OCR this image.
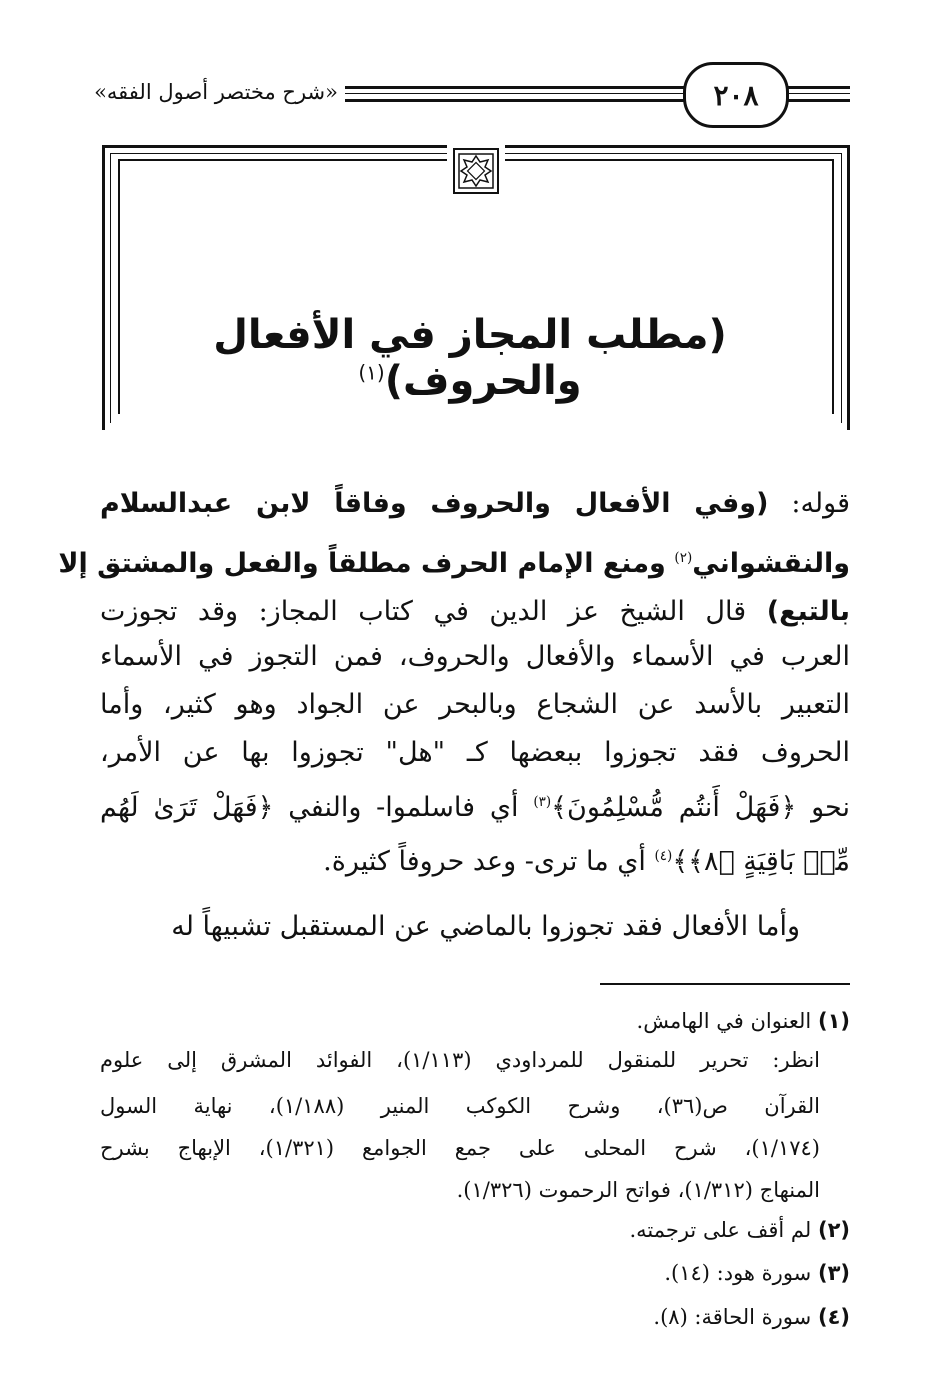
«شرح مختصر أصول الفقه»	٢٠٨
(مطلب المجاز في الأفعال والحروف)$^{(١)}$
قوله: (وفي الأفعال والحروف وفاقاً لابن عبدالسلام
والنقشواني$^{(٢)}$ ومنع الإمام الحرف مطلقاً والفعل والمشتق إلا
بالتبع) قال الشيخ عز الدين في كتاب المجاز: وقد تجوزت
العرب في الأسماء والأفعال والحروف، فمن التجوز في الأسماء
التعبير بالأسد عن الشجاع وبالبحر عن الجواد وهو كثير، وأما
الحروف فقد تجوزوا ببعضها كـ "هل" تجوزوا بها عن الأمر،
نحو ﴿فَهَلْ أَنتُم مُّسْلِمُونَ﴾$^{(٣)}$ أي فاسلموا- والنفي ﴿فَهَلْ تَرَىٰ لَهُم
مِّنۢ بَاقِيَةٍ ﴿٨﴾﴾$^{(٤)}$ أي ما ترى- وعد حروفاً كثيرة.
وأما الأفعال فقد تجوزوا بالماضي عن المستقبل تشبيهاً له
(١) العنوان في الهامش.
انظر: تحرير للمنقول للمرداودي (١/١١٣)، الفوائد المشرق إلى علوم
القرآن ص(٣٦)، وشرح الكوكب المنير (١/١٨٨)، نهاية السول
(١/١٧٤)، شرح المحلى على جمع الجوامع (١/٣٢١)، الإبهاج بشرح
المنهاج (١/٣١٢)، فواتح الرحموت (١/٣٢٦).
(٢) لم أقف على ترجمته.
(٣) سورة هود: (١٤).
(٤) سورة الحاقة: (٨).
